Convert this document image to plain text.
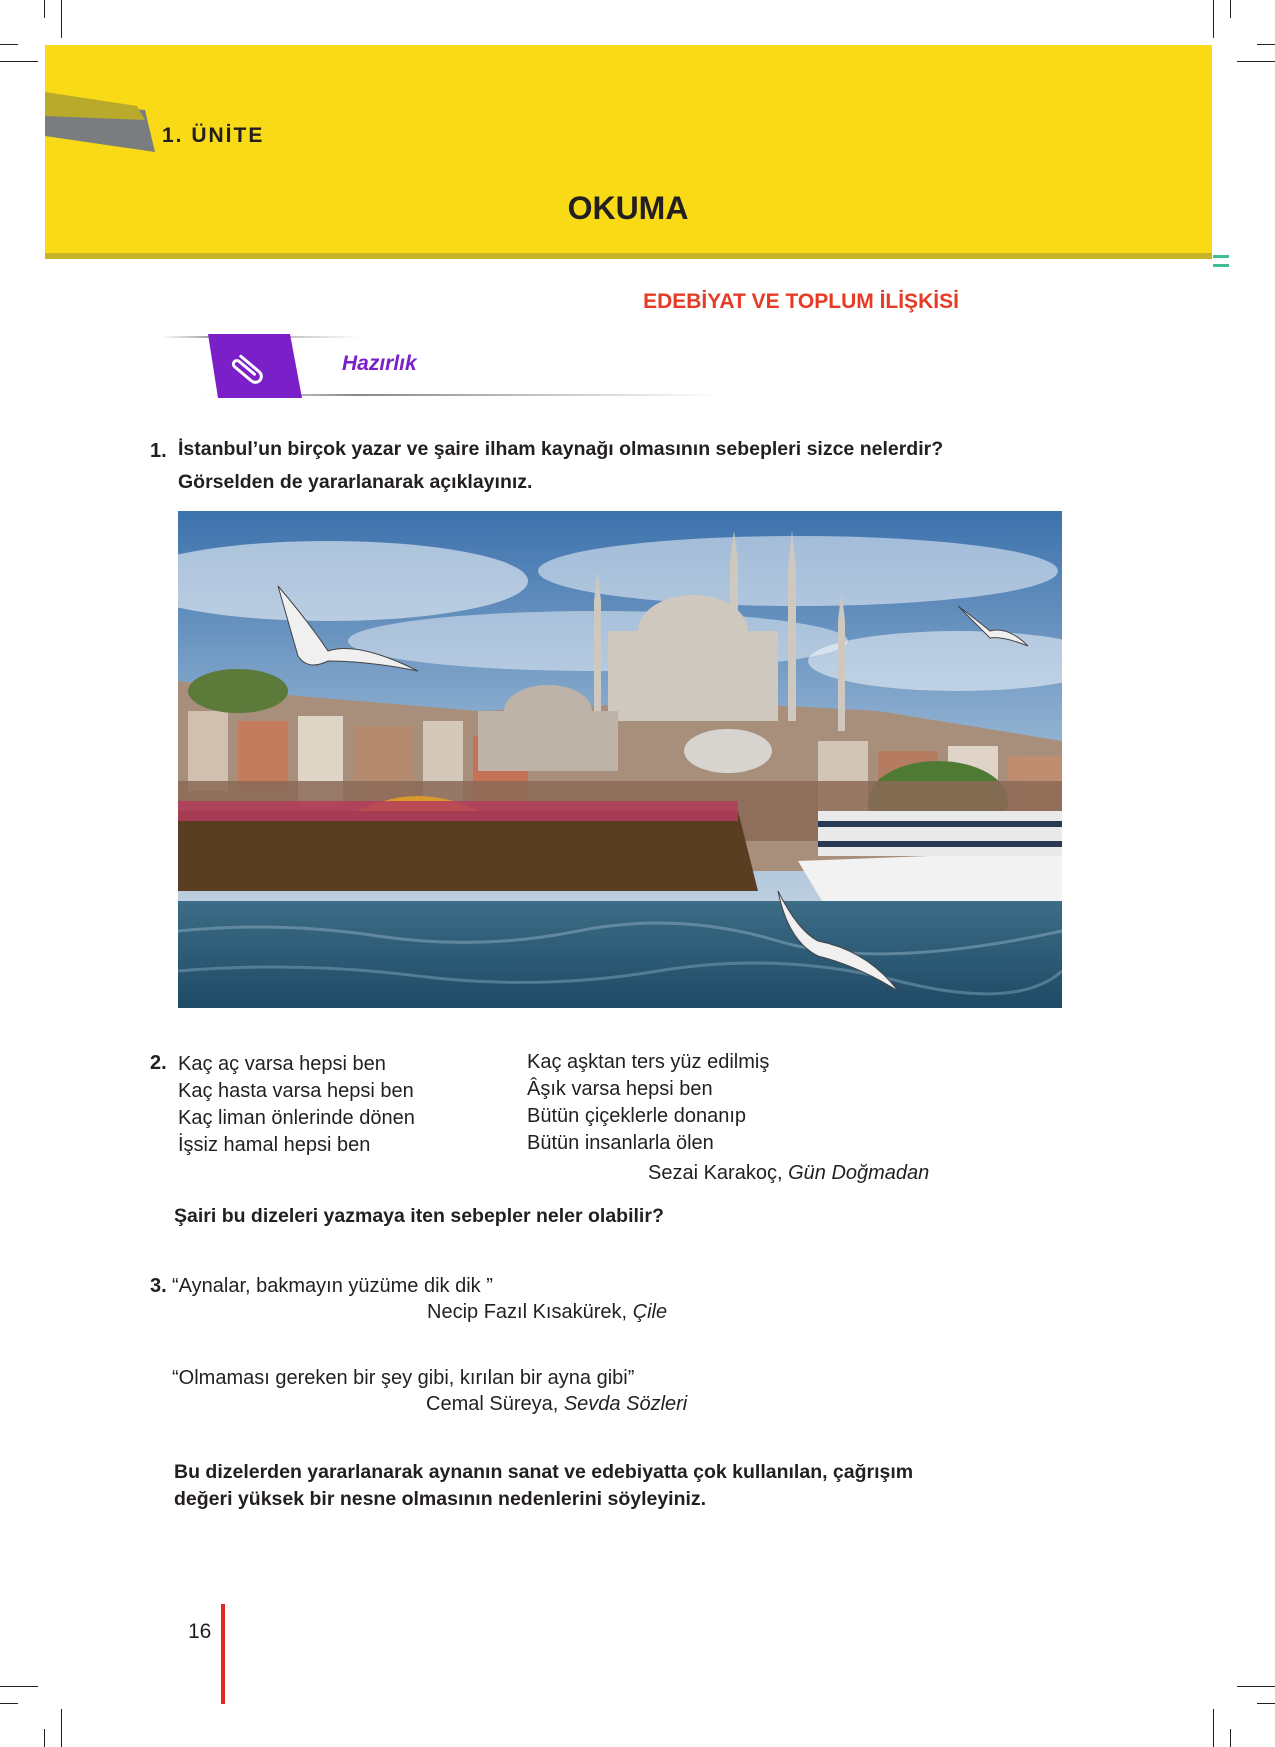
1. ÜNİTE
OKUMA
EDEBİYAT VE TOPLUM İLİŞKİSİ
Hazırlık
1. İstanbul’un birçok yazar ve şaire ilham kaynağı olmasının sebepleri sizce nelerdir?
Görselden de yararlanarak açıklayınız.
2. Kaç aç varsa hepsi ben
Kaç hasta varsa hepsi ben
Kaç liman önlerinde dönen
İşsiz hamal hepsi ben
Kaç aşktan ters yüz edilmiş
Âşık varsa hepsi ben
Bütün çiçeklerle donanıp
Bütün insanlarla ölen
Sezai Karakoç, Gün Doğmadan
Şairi bu dizeleri yazmaya iten sebepler neler olabilir?
3. “Aynalar, bakmayın yüzüme dik dik ”
Necip Fazıl Kısakürek, Çile
“Olmaması gereken bir şey gibi, kırılan bir ayna gibi”
Cemal Süreya, Sevda Sözleri
Bu dizelerden yararlanarak aynanın sanat ve edebiyatta çok kullanılan, çağrışım
değeri yüksek bir nesne olmasının nedenlerini söyleyiniz.
16
